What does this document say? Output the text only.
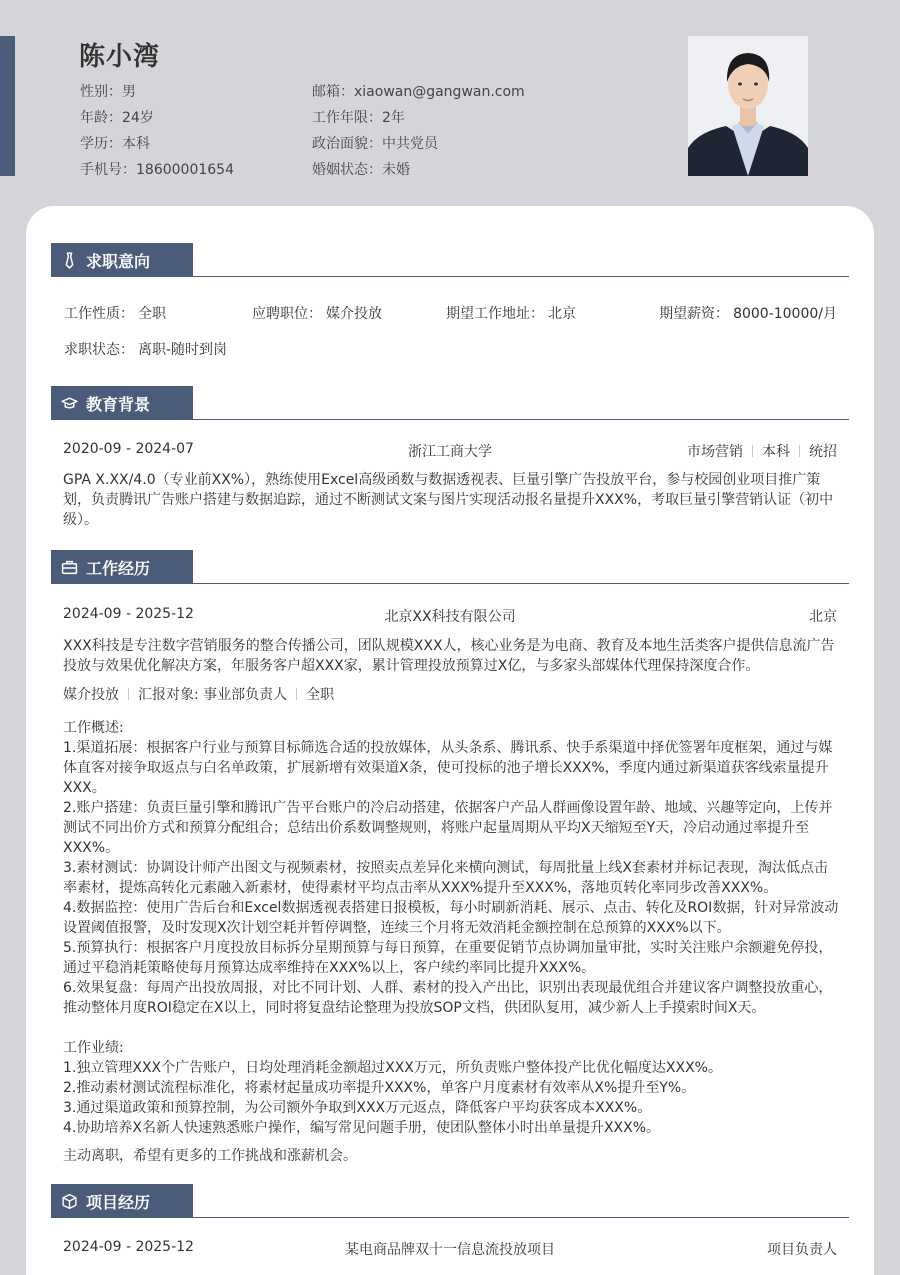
陈小湾
性别：男
年龄：24岁
学历：本科
手机号：18600001654
邮箱：xiaowan@gangwan.com
工作年限：2年
政治面貌：中共党员
婚姻状态：未婚
求职意向
工作性质： 全职	应聘职位： 媒介投放	期望工作地址： 北京	期望薪资： 8000-10000/月
求职状态： 离职-随时到岗
教育背景
2020-09 - 2024-07	浙江工商大学	市场营销 本科 统招
GPA X.XX/4.0（专业前XX%），熟练使用Excel高级函数与数据透视表、巨量引擎广告投放平台，参与校园创业项目推广策划，负责腾讯广告账户搭建与数据追踪，通过不断测试文案与图片实现活动报名量提升XXX%，考取巨量引擎营销认证（初中级）。
工作经历
2024-09 - 2025-12	北京XX科技有限公司	北京
XXX科技是专注数字营销服务的整合传播公司，团队规模XXX人，核心业务是为电商、教育及本地生活类客户提供信息流广告投放与效果优化解决方案，年服务客户超XXX家，累计管理投放预算过X亿，与多家头部媒体代理保持深度合作。
媒介投放 汇报对象: 事业部负责人 全职
工作概述:
1.渠道拓展：根据客户行业与预算目标筛选合适的投放媒体，从头条系、腾讯系、快手系渠道中择优签署年度框架，通过与媒体直客对接争取返点与白名单政策，扩展新增有效渠道X条，使可投标的池子增长XXX%，季度内通过新渠道获客线索量提升XXX。
2.账户搭建：负责巨量引擎和腾讯广告平台账户的冷启动搭建，依据客户产品人群画像设置年龄、地域、兴趣等定向，上传并测试不同出价方式和预算分配组合；总结出价系数调整规则，将账户起量周期从平均X天缩短至Y天，冷启动通过率提升至XXX%。
3.素材测试：协调设计师产出图文与视频素材，按照卖点差异化来横向测试，每周批量上线X套素材并标记表现，淘汰低点击率素材，提炼高转化元素融入新素材，使得素材平均点击率从XXX%提升至XXX%，落地页转化率同步改善XXX%。
4.数据监控：使用广告后台和Excel数据透视表搭建日报模板，每小时刷新消耗、展示、点击、转化及ROI数据，针对异常波动设置阈值报警，及时发现X次计划空耗并暂停调整，连续三个月将无效消耗金额控制在总预算的XXX%以下。
5.预算执行：根据客户月度投放目标拆分星期预算与每日预算，在重要促销节点协调加量审批，实时关注账户余额避免停投，通过平稳消耗策略使每月预算达成率维持在XXX%以上，客户续约率同比提升XXX%。
6.效果复盘：每周产出投放周报，对比不同计划、人群、素材的投入产出比，识别出表现最优组合并建议客户调整投放重心，推动整体月度ROI稳定在X以上，同时将复盘结论整理为投放SOP文档，供团队复用，减少新人上手摸索时间X天。
工作业绩:
1.独立管理XXX个广告账户，日均处理消耗金额超过XXX万元，所负责账户整体投产比优化幅度达XXX%。
2.推动素材测试流程标准化，将素材起量成功率提升XXX%，单客户月度素材有效率从X%提升至Y%。
3.通过渠道政策和预算控制，为公司额外争取到XXX万元返点，降低客户平均获客成本XXX%。
4.协助培养X名新人快速熟悉账户操作，编写常见问题手册，使团队整体小时出单量提升XXX%。
主动离职，希望有更多的工作挑战和涨薪机会。
项目经历
2024-09 - 2025-12	某电商品牌双十一信息流投放项目	项目负责人
